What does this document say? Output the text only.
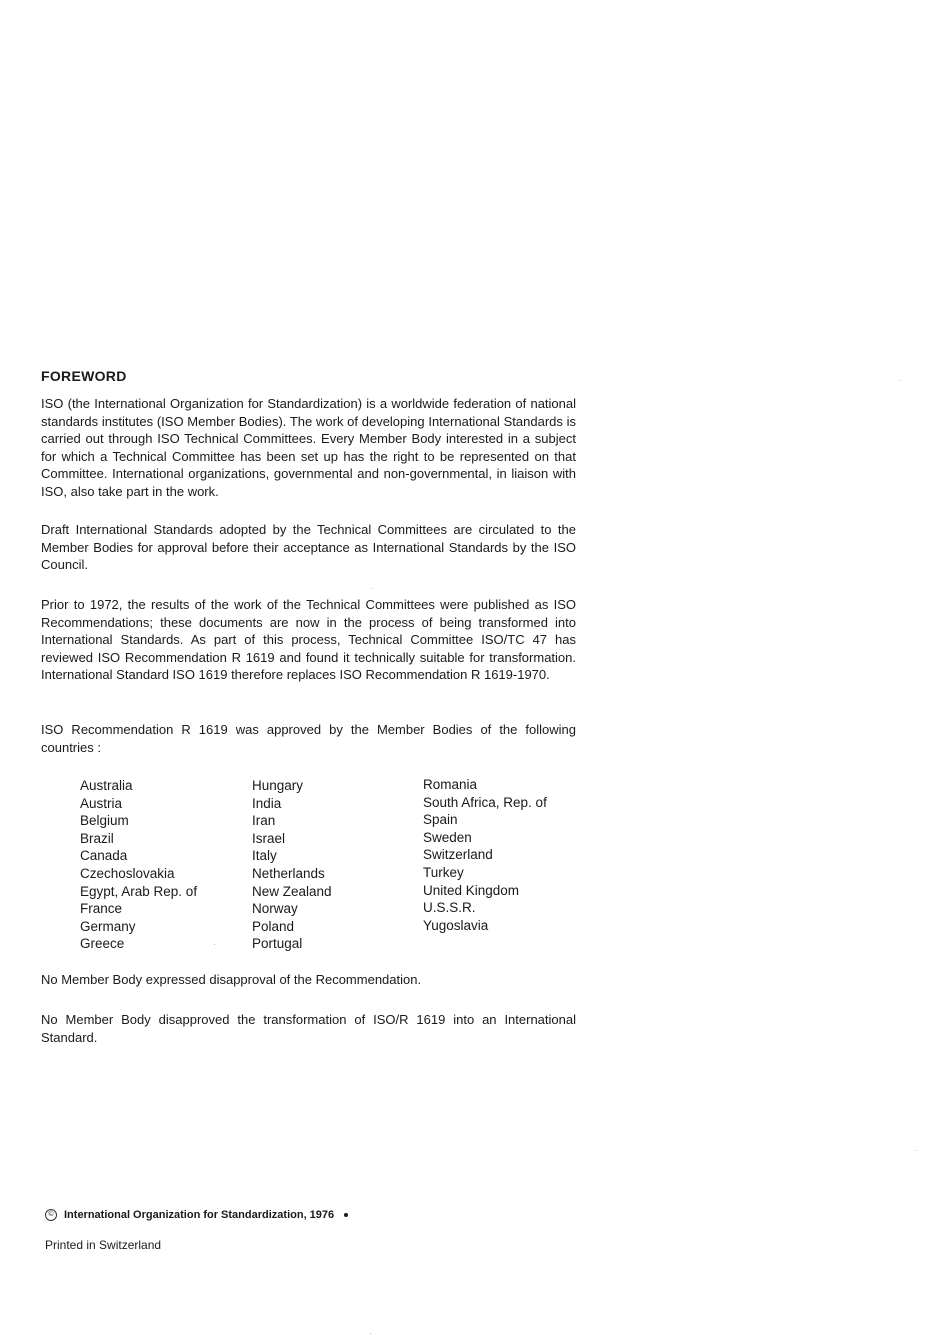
FOREWORD

ISO (the International Organization for Standardization) is a worldwide federation of national standards institutes (ISO Member Bodies). The work of developing International Standards is carried out through ISO Technical Committees. Every Member Body interested in a subject for which a Technical Committee has been set up has the right to be represented on that Committee. International organizations, governmental and non-governmental, in liaison with ISO, also take part in the work.

Draft International Standards adopted by the Technical Committees are circulated to the Member Bodies for approval before their acceptance as International Standards by the ISO Council.

Prior to 1972, the results of the work of the Technical Committees were published as ISO Recommendations; these documents are now in the process of being transformed into International Standards. As part of this process, Technical Committee ISO/TC 47 has reviewed ISO Recommendation R 1619 and found it technically suitable for transformation. International Standard ISO 1619 therefore replaces ISO Recommendation R 1619-1970.

ISO Recommendation R 1619 was approved by the Member Bodies of the following countries :

Australia
Austria
Belgium
Brazil
Canada
Czechoslovakia
Egypt, Arab Rep. of
France
Germany
Greece
Hungary
India
Iran
Israel
Italy
Netherlands
New Zealand
Norway
Poland
Portugal
Romania
South Africa, Rep. of
Spain
Sweden
Switzerland
Turkey
United Kingdom
U.S.S.R.
Yugoslavia

No Member Body expressed disapproval of the Recommendation.

No Member Body disapproved the transformation of ISO/R 1619 into an International Standard.

© International Organization for Standardization, 1976
Printed in Switzerland
